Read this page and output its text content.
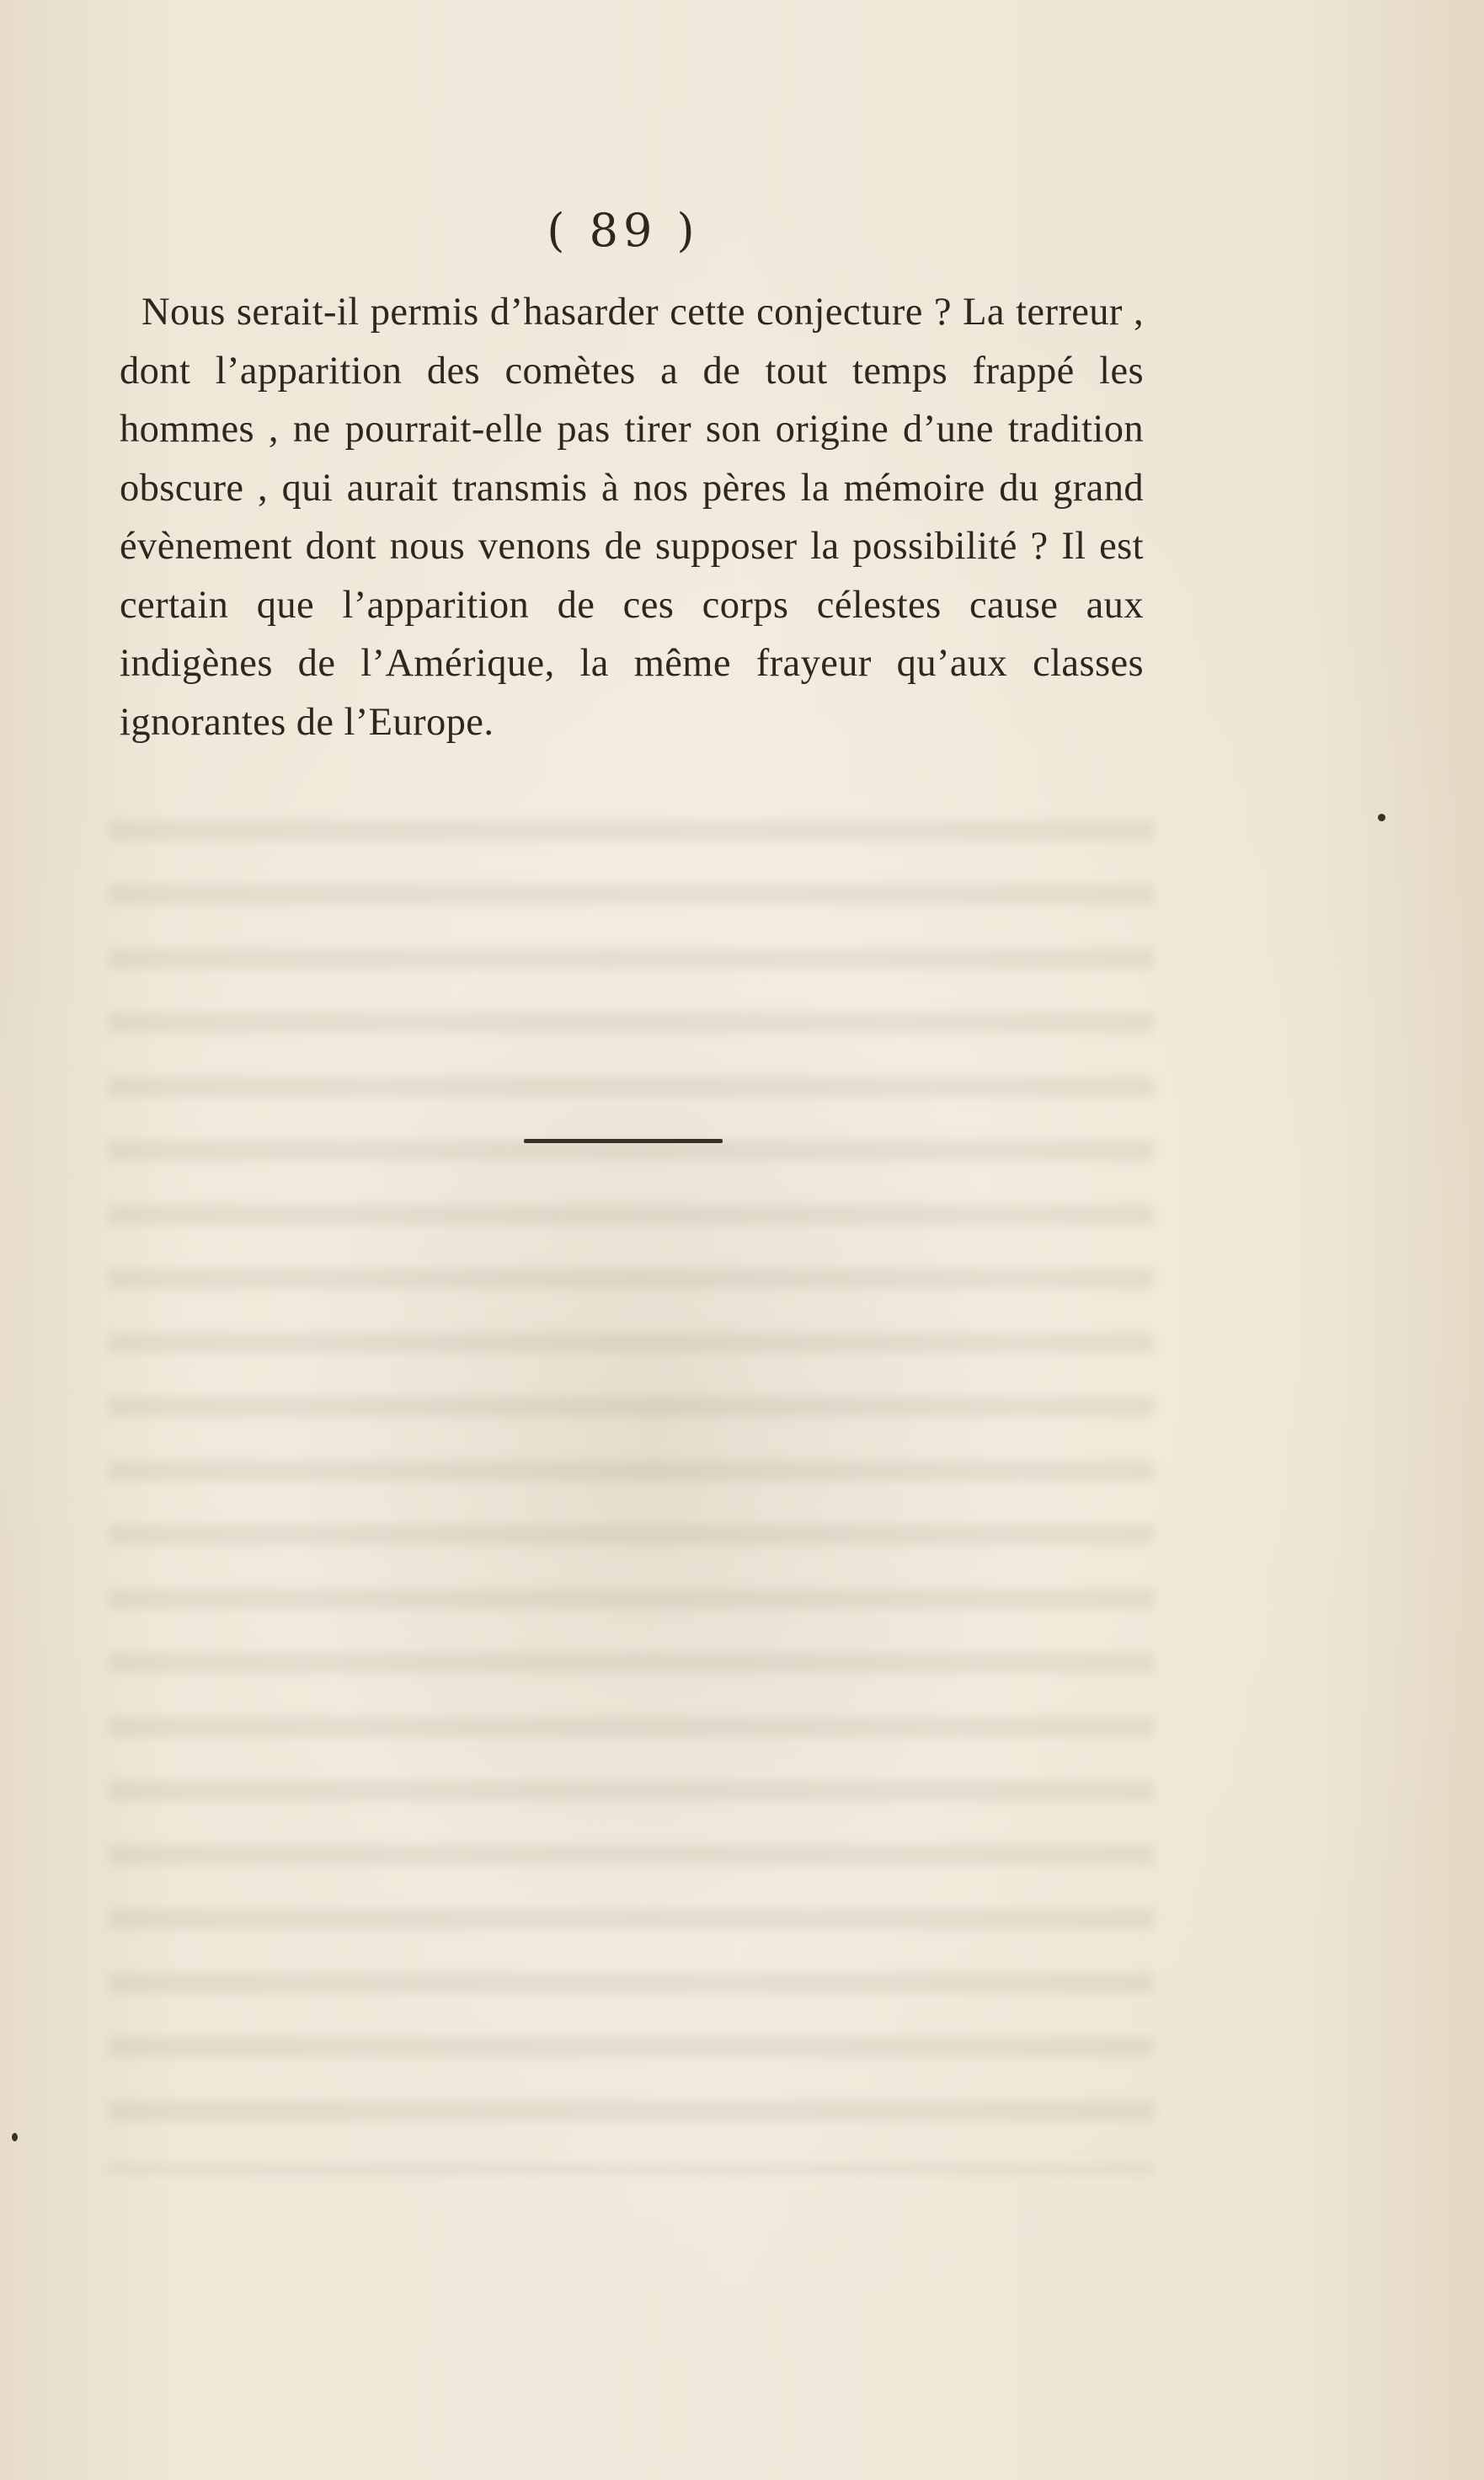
( 89 )

Nous serait-il permis d’hasarder cette conjecture ? La terreur , dont l’apparition des comètes a de tout temps frappé les hommes , ne pourrait-elle pas tirer son origine d’une tradition obscure , qui aurait transmis à nos pères la mémoire du grand évènement dont nous venons de supposer la possibilité ? Il est certain que l’apparition de ces corps célestes cause aux indigènes de l’Amérique, la même frayeur qu’aux classes ignorantes de l’Europe.
